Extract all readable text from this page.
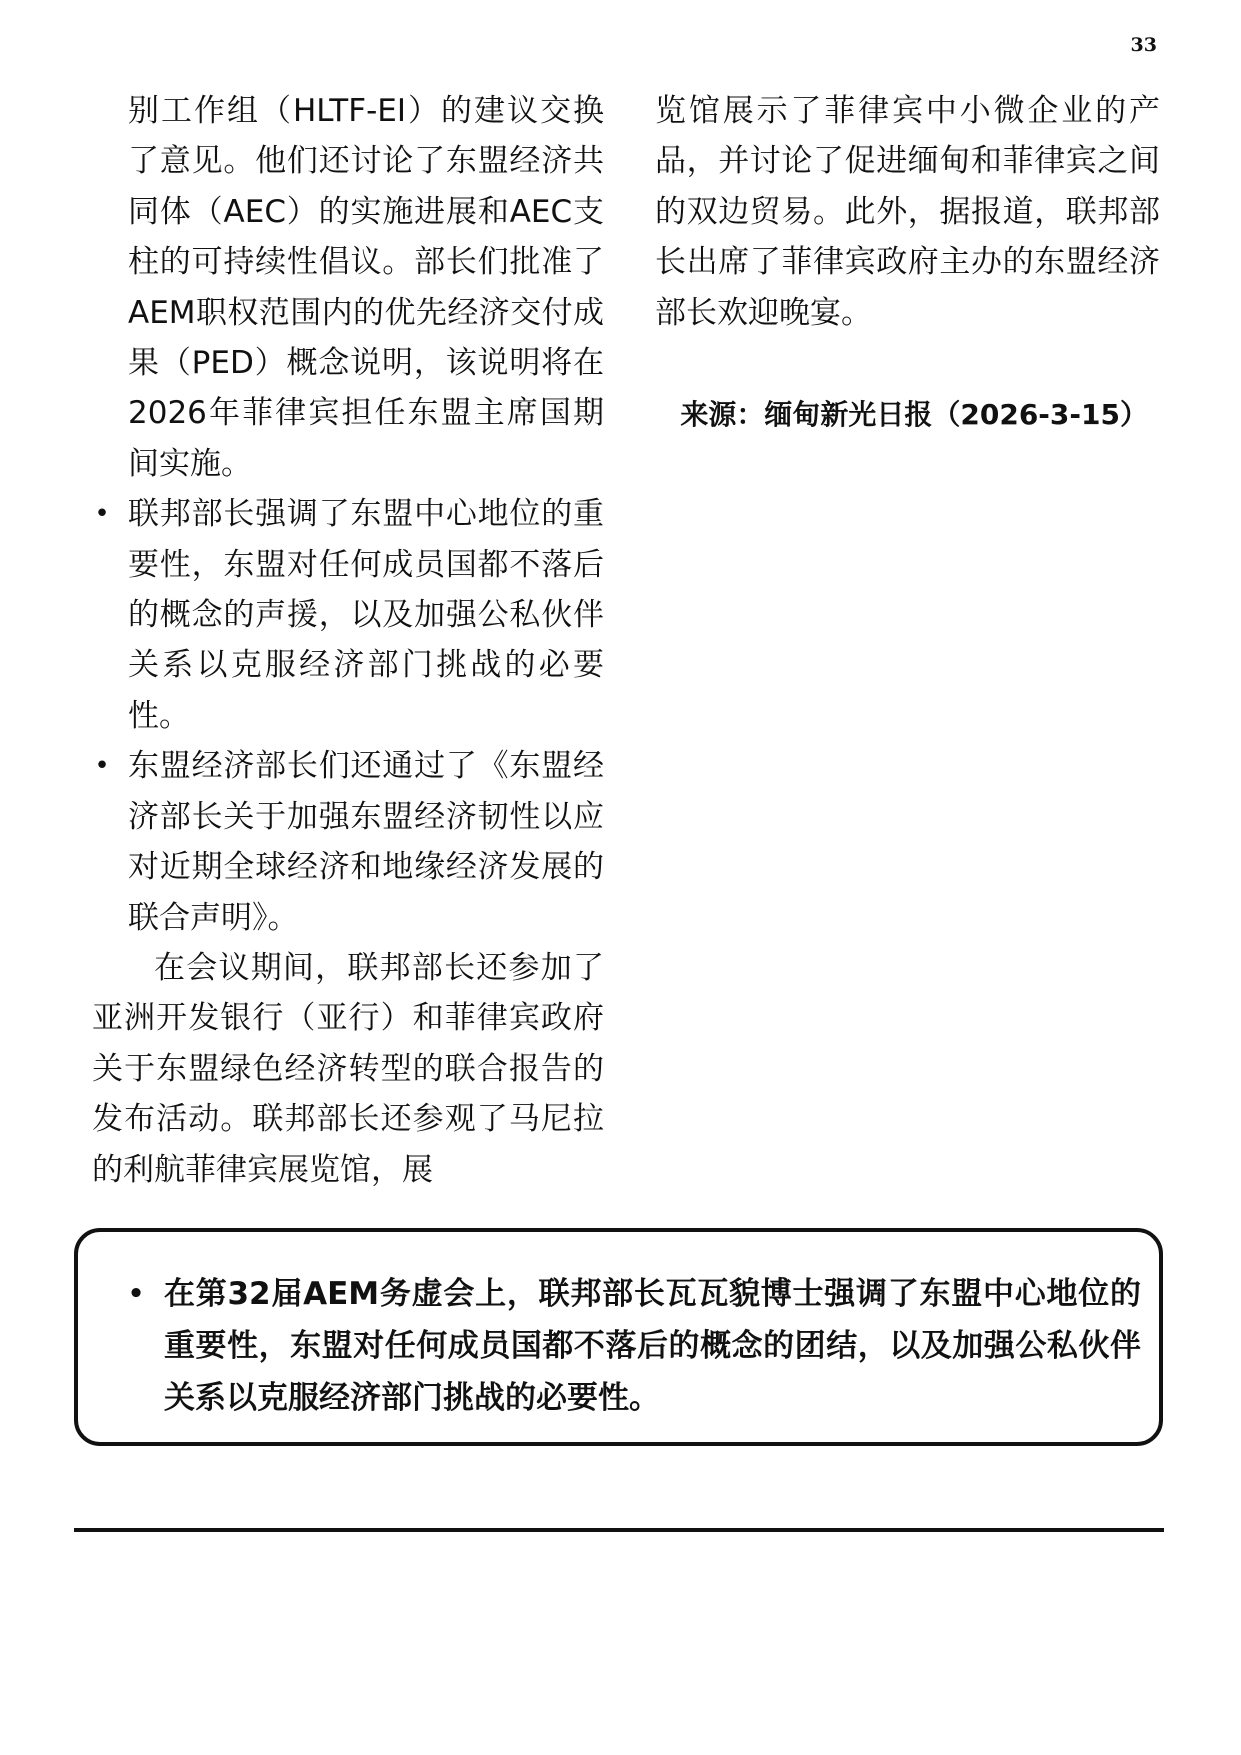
33

别工作组（HLTF-EI）的建议交换了意见。他们还讨论了东盟经济共同体（AEC）的实施进展和AEC支柱的可持续性倡议。部长们批准了AEM职权范围内的优先经济交付成果（PED）概念说明，该说明将在2026年菲律宾担任东盟主席国期间实施。

• 联邦部长强调了东盟中心地位的重要性，东盟对任何成员国都不落后的概念的声援，以及加强公私伙伴关系以克服经济部门挑战的必要性。
• 东盟经济部长们还通过了《东盟经济部长关于加强东盟经济韧性以应对近期全球经济和地缘经济发展的联合声明》。

在会议期间，联邦部长还参加了亚洲开发银行（亚行）和菲律宾政府关于东盟绿色经济转型的联合报告的发布活动。联邦部长还参观了马尼拉的利航菲律宾展览馆，展

览馆展示了菲律宾中小微企业的产品，并讨论了促进缅甸和菲律宾之间的双边贸易。此外，据报道，联邦部长出席了菲律宾政府主办的东盟经济部长欢迎晚宴。

来源：缅甸新光日报（2026-3-15）
• 在第32届AEM务虚会上，联邦部长瓦瓦貌博士强调了东盟中心地位的重要性，东盟对任何成员国都不落后的概念的团结，以及加强公私伙伴关系以克服经济部门挑战的必要性。
